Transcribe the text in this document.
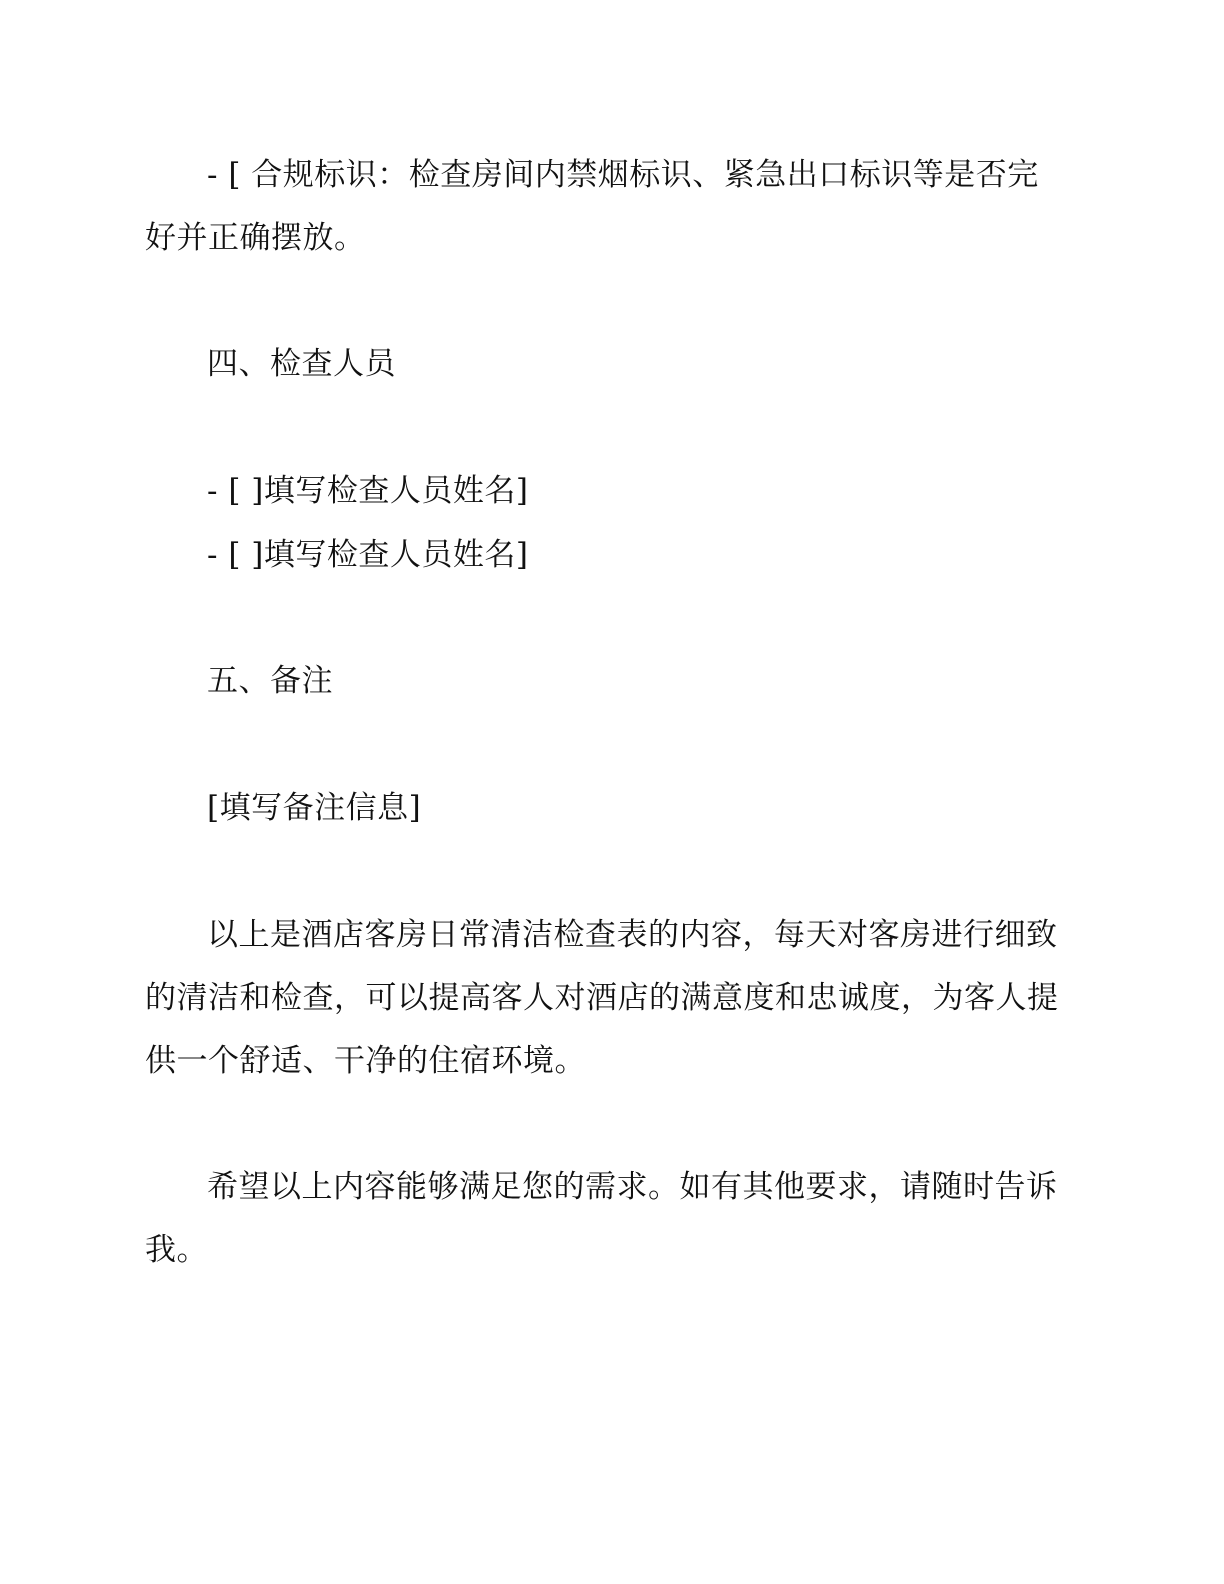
- [ 合规标识：检查房间内禁烟标识、紧急出口标识等是否完
好并正确摆放。
四、检查人员
- [ ]填写检查人员姓名]
- [ ]填写检查人员姓名]
五、备注
[填写备注信息]
以上是酒店客房日常清洁检查表的内容，每天对客房进行细致
的清洁和检查，可以提高客人对酒店的满意度和忠诚度，为客人提
供一个舒适、干净的住宿环境。
希望以上内容能够满足您的需求。如有其他要求，请随时告诉
我。
